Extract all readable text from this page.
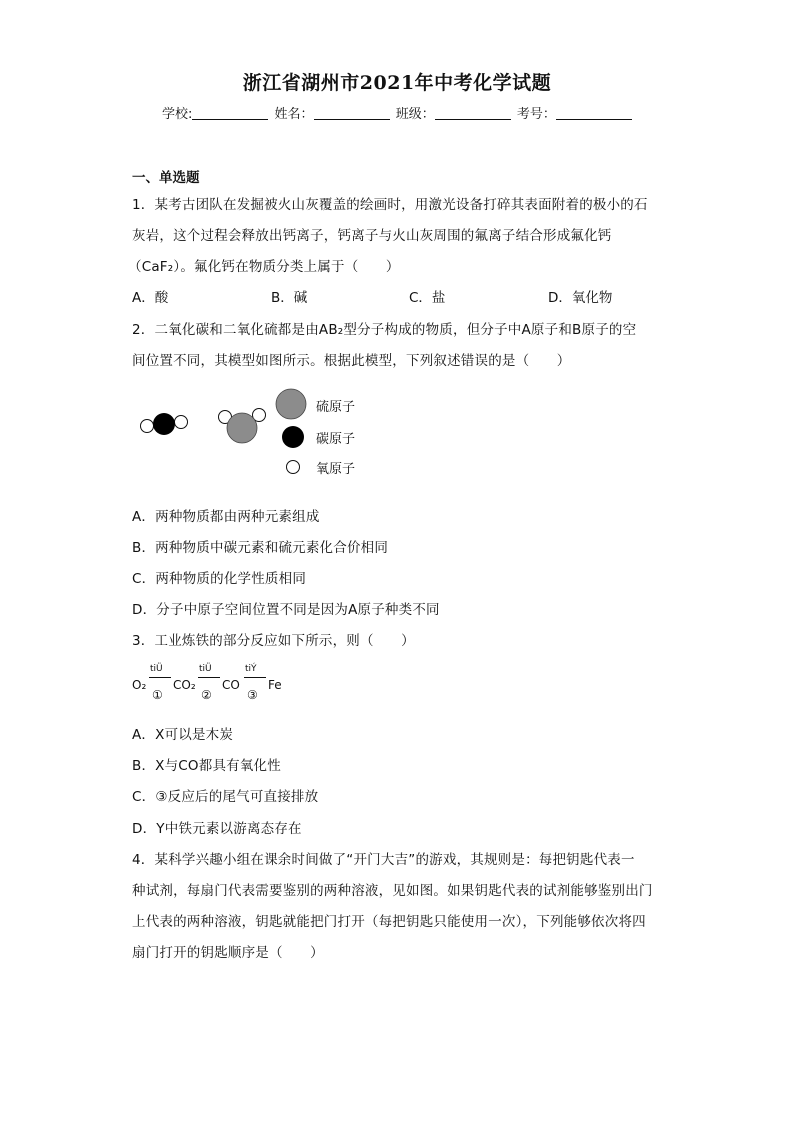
浙江省湖州市2021年中考化学试题
学校:	姓名：	班级：	考号：
一、单选题
1．某考古团队在发掘被火山灰覆盖的绘画时，用激光设备打碎其表面附着的极小的石
灰岩，这个过程会释放出钙离子，钙离子与火山灰周围的氟离子结合形成氟化钙
（CaF₂）。氟化钙在物质分类上属于（　　）
A．酸	B．碱	C．盐	D．氧化物
2．二氧化碳和二氧化硫都是由AB₂型分子构成的物质，但分子中A原子和B原子的空
间位置不同，其模型如图所示。根据此模型，下列叙述错误的是（　　）
硫原子
碳原子
氧原子
A．两种物质都由两种元素组成
B．两种物质中碳元素和硫元素化合价相同
C．两种物质的化学性质相同
D．分子中原子空间位置不同是因为A原子种类不同
3．工业炼铁的部分反应如下所示，则（　　）
O₂
tiÜ
①
CO₂
tiÜ
②
CO
tiÝ
③
Fe
A．X可以是木炭
B．X与CO都具有氧化性
C．③反应后的尾气可直接排放
D．Y中铁元素以游离态存在
4．某科学兴趣小组在课余时间做了“开门大吉”的游戏，其规则是：每把钥匙代表一
种试剂，每扇门代表需要鉴别的两种溶液，见如图。如果钥匙代表的试剂能够鉴别出门
上代表的两种溶液，钥匙就能把门打开（每把钥匙只能使用一次），下列能够依次将四
扇门打开的钥匙顺序是（　　）
